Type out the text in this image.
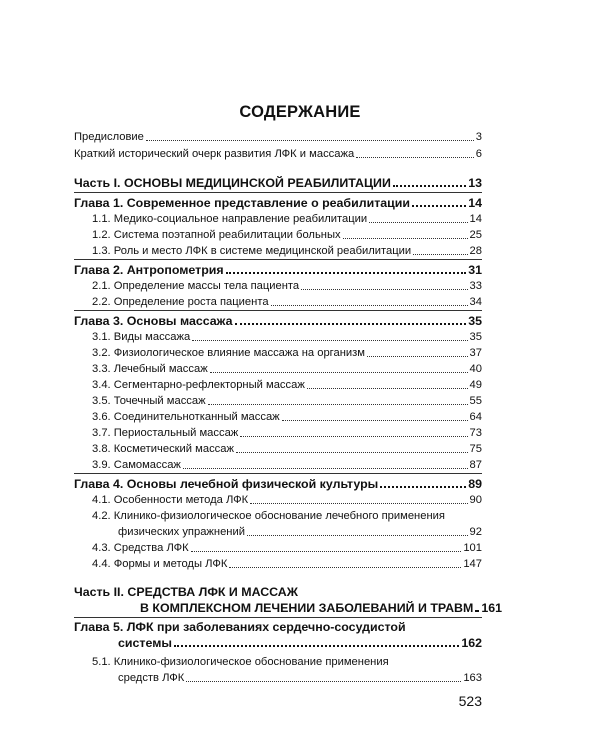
СОДЕРЖАНИЕ
Предисловие	3
Краткий исторический очерк развития ЛФК и массажа	6
Часть I. ОСНОВЫ МЕДИЦИНСКОЙ РЕАБИЛИТАЦИИ	13
Глава 1. Современное представление о реабилитации	14
1.1. Медико-социальное направление реабилитации	14
1.2. Система поэтапной реабилитации больных	25
1.3. Роль и место ЛФК в системе медицинской реабилитации	28
Глава 2. Антропометрия	31
2.1. Определение массы тела пациента	33
2.2. Определение роста пациента	34
Глава 3. Основы массажа	35
3.1. Виды массажа	35
3.2. Физиологическое влияние массажа на организм	37
3.3. Лечебный массаж	40
3.4. Сегментарно-рефлекторный массаж	49
3.5. Точечный массаж	55
3.6. Соединительнотканный массаж	64
3.7. Периостальный массаж	73
3.8. Косметический массаж	75
3.9. Самомассаж	87
Глава 4. Основы лечебной физической культуры	89
4.1. Особенности метода ЛФК	90
4.2. Клинико-физиологическое обоснование лечебного применения
физических упражнений	92
4.3. Средства ЛФК	101
4.4. Формы и методы ЛФК	147
Часть II. СРЕДСТВА ЛФК И МАССАЖ
В КОМПЛЕКСНОМ ЛЕЧЕНИИ ЗАБОЛЕВАНИЙ И ТРАВМ 161
Глава 5. ЛФК при заболеваниях сердечно-сосудистой
системы	162
5.1. Клинико-физиологическое обоснование применения
средств ЛФК	163
523
